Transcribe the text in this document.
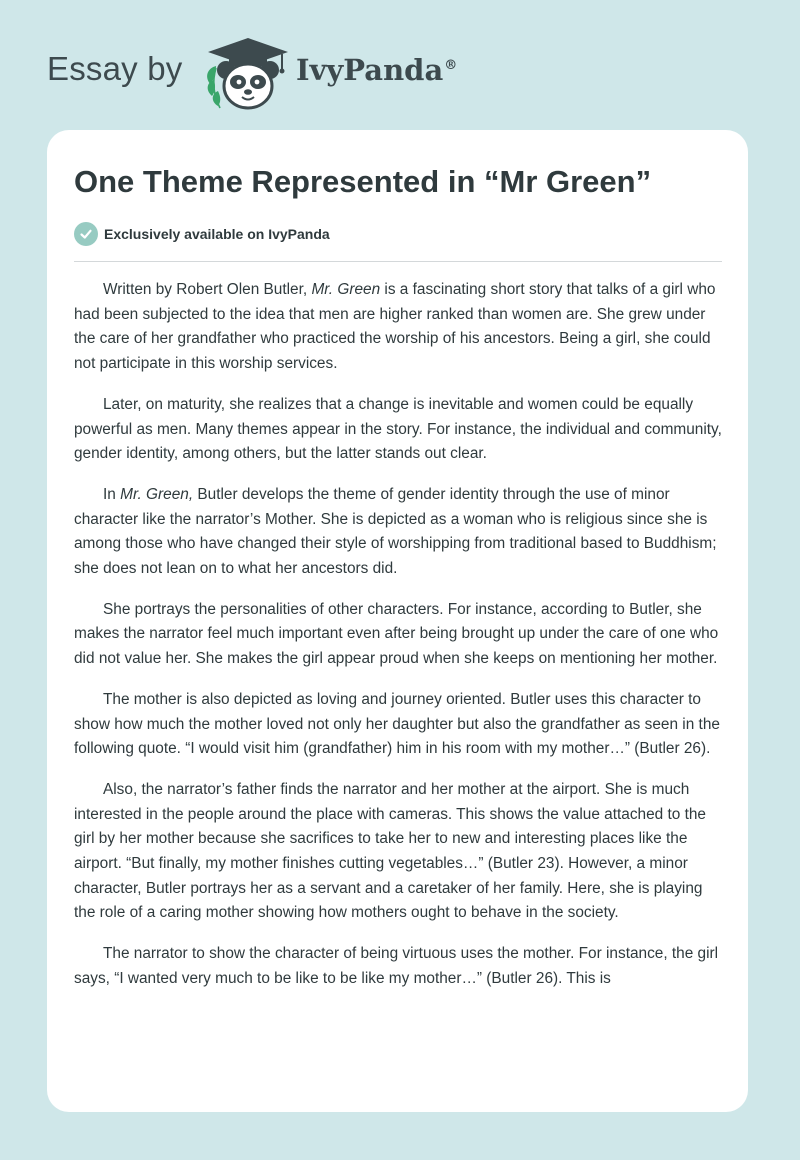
Essay by	IvyPanda®
One Theme Represented in “Mr Green”
Exclusively available on IvyPanda

Written by Robert Olen Butler, Mr. Green is a fascinating short story that talks of a girl who had been subjected to the idea that men are higher ranked than women are. She grew under the care of her grandfather who practiced the worship of his ancestors. Being a girl, she could not participate in this worship services.

Later, on maturity, she realizes that a change is inevitable and women could be equally powerful as men. Many themes appear in the story. For instance, the individual and community, gender identity, among others, but the latter stands out clear.

In Mr. Green, Butler develops the theme of gender identity through the use of minor character like the narrator’s Mother. She is depicted as a woman who is religious since she is among those who have changed their style of worshipping from traditional based to Buddhism; she does not lean on to what her ancestors did.

She portrays the personalities of other characters. For instance, according to Butler, she makes the narrator feel much important even after being brought up under the care of one who did not value her. She makes the girl appear proud when she keeps on mentioning her mother.

The mother is also depicted as loving and journey oriented. Butler uses this character to show how much the mother loved not only her daughter but also the grandfather as seen in the following quote. “I would visit him (grandfather) him in his room with my mother…” (Butler 26).

Also, the narrator’s father finds the narrator and her mother at the airport. She is much interested in the people around the place with cameras. This shows the value attached to the girl by her mother because she sacrifices to take her to new and interesting places like the airport. “But finally, my mother finishes cutting vegetables…” (Butler 23). However, a minor character, Butler portrays her as a servant and a caretaker of her family. Here, she is playing the role of a caring mother showing how mothers ought to behave in the society.

The narrator to show the character of being virtuous uses the mother. For instance, the girl says, “I wanted very much to be like to be like my mother…” (Butler 26). This is
